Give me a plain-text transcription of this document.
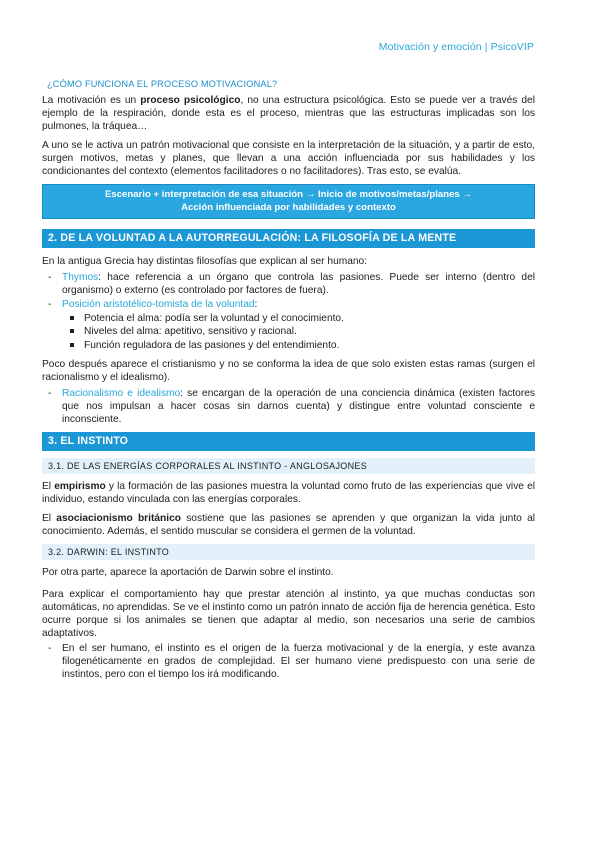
Motivación y emoción | PsicoVIP
¿CÓMO FUNCIONA EL PROCESO MOTIVACIONAL?

La motivación es un proceso psicológico, no una estructura psicológica. Esto se puede ver a través del ejemplo de la respiración, donde esta es el proceso, mientras que las estructuras implicadas son los pulmones, la tráquea…

A uno se le activa un patrón motivacional que consiste en la interpretación de la situación, y a partir de esto, surgen motivos, metas y planes, que llevan a una acción influenciada por sus habilidades y los condicionantes del contexto (elementos facilitadores o no facilitadores). Tras esto, se evalúa.

Escenario + interpretación de esa situación → Inicio de motivos/metas/planes →
Acción influenciada por habilidades y contexto
2. DE LA VOLUNTAD A LA AUTORREGULACIÓN: LA FILOSOFÍA DE LA MENTE

En la antigua Grecia hay distintas filosofías que explican al ser humano:

- Thymos: hace referencia a un órgano que controla las pasiones. Puede ser interno (dentro del organismo) o externo (es controlado por factores de fuera).
- Posición aristotélico-tomista de la voluntad:
Potencia el alma: podía ser la voluntad y el conocimiento.
Niveles del alma: apetitivo, sensitivo y racional.
Función reguladora de las pasiones y del entendimiento.

Poco después aparece el cristianismo y no se conforma la idea de que solo existen estas ramas (surgen el racionalismo y el idealismo).

- Racionalismo e idealismo: se encargan de la operación de una conciencia dinámica (existen factores que nos impulsan a hacer cosas sin darnos cuenta) y distingue entre voluntad consciente e inconsciente.
3. EL INSTINTO
3.1. DE LAS ENERGÍAS CORPORALES AL INSTINTO - ANGLOSAJONES

El empirismo y la formación de las pasiones muestra la voluntad como fruto de las experiencias que vive el individuo, estando vinculada con las energías corporales.

El asociacionismo británico sostiene que las pasiones se aprenden y que organizan la vida junto al conocimiento. Además, el sentido muscular se considera el germen de la voluntad.

3.2. DARWIN: EL INSTINTO

Por otra parte, aparece la aportación de Darwin sobre el instinto.

Para explicar el comportamiento hay que prestar atención al instinto, ya que muchas conductas son automáticas, no aprendidas. Se ve el instinto como un patrón innato de acción fija de herencia genética. Esto ocurre porque si los animales se tienen que adaptar al medio, son necesarios una serie de cambios adaptativos.

- En el ser humano, el instinto es el origen de la fuerza motivacional y de la energía, y este avanza filogenéticamente en grados de complejidad. El ser humano viene predispuesto con una serie de instintos, pero con el tiempo los irá modificando.
